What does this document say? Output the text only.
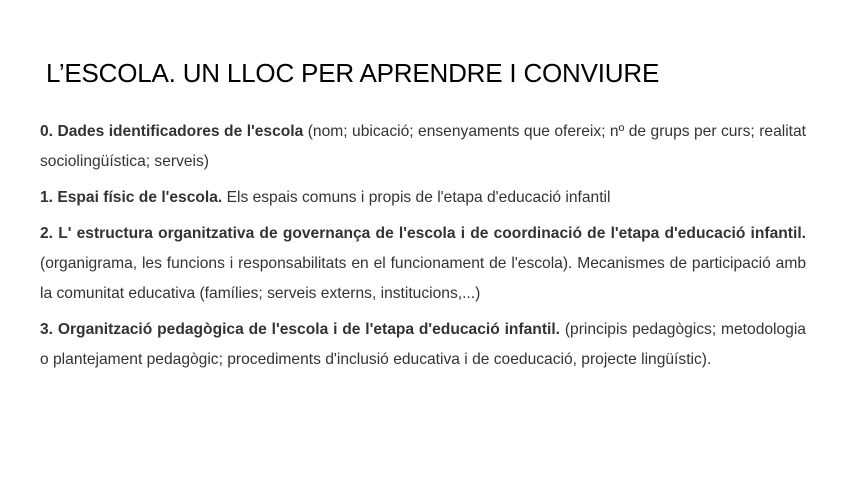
L’ESCOLA. UN LLOC PER APRENDRE I CONVIURE

0. Dades identificadores de l'escola (nom; ubicació; ensenyaments que ofereix; nº de grups per curs; realitat sociolingüística; serveis)

1. Espai físic de l'escola. Els espais comuns i propis de l'etapa d'educació infantil

2. L' estructura organitzativa de governança de l'escola i de coordinació de l'etapa d'educació infantil. (organigrama, les funcions i responsabilitats en el funcionament de l'escola). Mecanismes de participació amb la comunitat educativa (famílies; serveis externs, institucions,...)

3. Organització pedagògica de l'escola i de l'etapa d'educació infantil. (principis pedagògics; metodologia o plantejament pedagògic; procediments d'inclusió educativa i de coeducació, projecte lingüístic).
